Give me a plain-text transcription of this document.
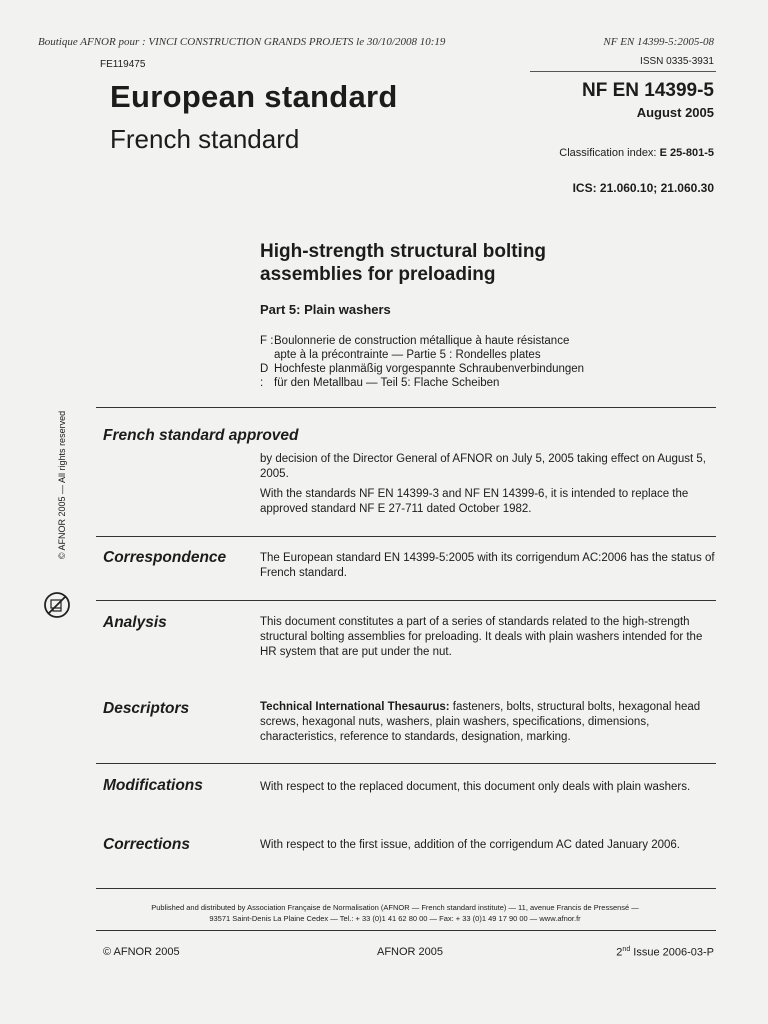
Boutique AFNOR pour : VINCI CONSTRUCTION GRANDS PROJETS le 30/10/2008 10:19	NF EN 14399-5:2005-08
FE119475	ISSN 0335-3931
European standard
French standard
NF EN 14399-5
August 2005
Classification index: E 25-801-5
ICS: 21.060.10; 21.060.30
High-strength structural bolting
assemblies for preloading
Part 5: Plain washers
F : Boulonnerie de construction métallique à haute résistance
apte à la précontrainte — Partie 5 : Rondelles plates
D :
Hochfeste planmäßig vorgespannte Schraubenverbindungen
für den Metallbau — Teil 5: Flache Scheiben
French standard approved

by decision of the Director General of AFNOR on July 5, 2005 taking effect on August 5, 2005.

With the standards NF EN 14399-3 and NF EN 14399-6, it is intended to replace the approved standard NF E 27-711 dated October 1982.

Correspondence	The European standard EN 14399-5:2005 with its corrigendum AC:2006 has the status of French standard.
Analysis	This document constitutes a part of a series of standards related to the high-strength structural bolting assemblies for preloading. It deals with plain washers intended for the HR system that are put under the nut.
Descriptors	Technical International Thesaurus: fasteners, bolts, structural bolts, hexagonal head screws, hexagonal nuts, washers, plain washers, specifications, dimensions, characteristics, reference to standards, designation, marking.
Modifications	With respect to the replaced document, this document only deals with plain washers.
Corrections	With respect to the first issue, addition of the corrigendum AC dated January 2006.
Published and distributed by Association Française de Normalisation (AFNOR — French standard institute) — 11, avenue Francis de Pressensé —
93571 Saint-Denis La Plaine Cedex — Tel.: + 33 (0)1 41 62 80 00 — Fax: + 33 (0)1 49 17 90 00 — www.afnor.fr
© AFNOR 2005	AFNOR 2005	2nd Issue 2006-03-P
© AFNOR 2005 — All rights reserved
